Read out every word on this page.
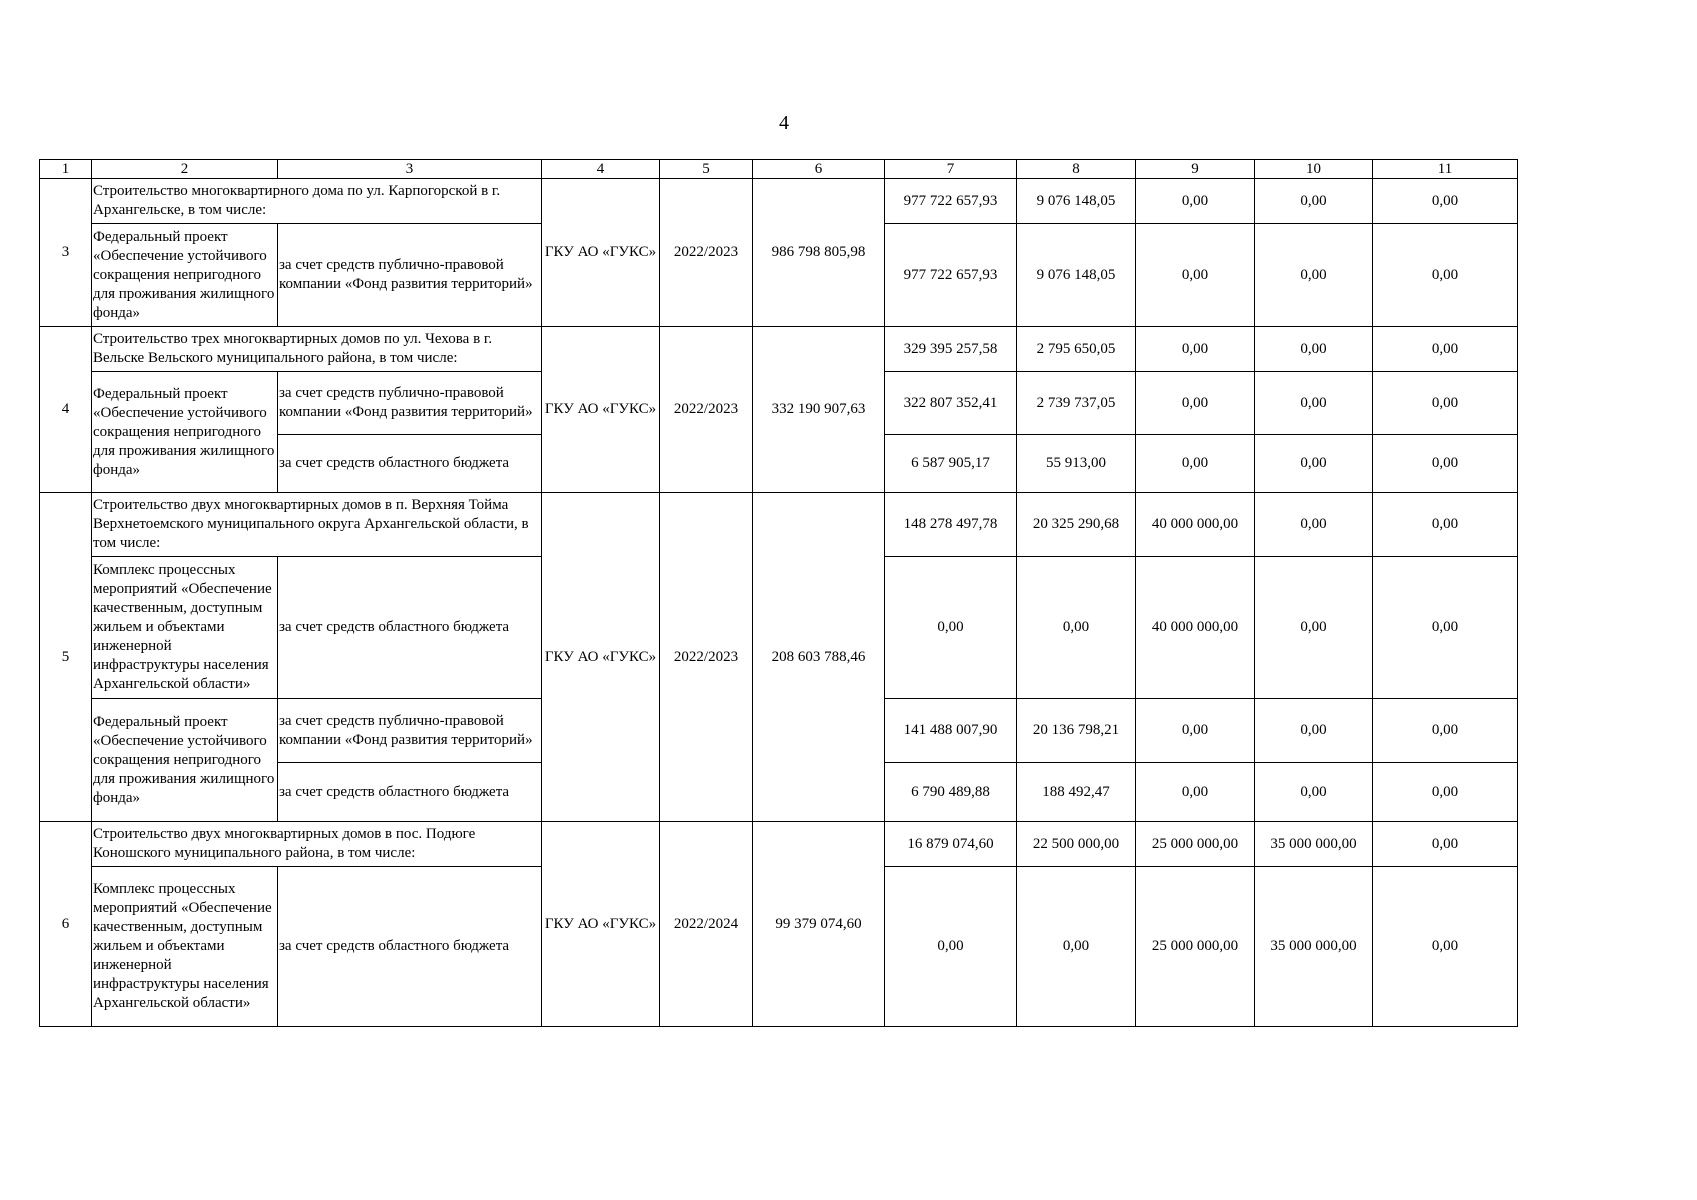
4
1	2	3	4	5	6	7	8	9	10	11
3	Строительство многоквартирного дома по ул. Карпогорской в г. Архангельске, в том числе:		ГКУ АО «ГУКС»	2022/2023	986 798 805,98	977 722 657,93	9 076 148,05	0,00	0,00	0,00
	Федеральный проект «Обеспечение устойчивого сокращения непригодного для проживания жилищного фонда»	за счет средств публично-правовой компании «Фонд развития территорий»				977 722 657,93	9 076 148,05	0,00	0,00	0,00
4	Строительство трех многоквартирных домов по ул. Чехова в г. Вельске Вельского муниципального района, в том числе:		ГКУ АО «ГУКС»	2022/2023	332 190 907,63	329 395 257,58	2 795 650,05	0,00	0,00	0,00
	Федеральный проект «Обеспечение устойчивого сокращения непригодного для проживания жилищного фонда»	за счет средств публично-правовой компании «Фонд развития территорий»				322 807 352,41	2 739 737,05	0,00	0,00	0,00
		за счет средств областного бюджета				6 587 905,17	55 913,00	0,00	0,00	0,00
5	Строительство двух многоквартирных домов в п. Верхняя Тойма Верхнетоемского муниципального округа Архангельской области, в том числе:		ГКУ АО «ГУКС»	2022/2023	208 603 788,46	148 278 497,78	20 325 290,68	40 000 000,00	0,00	0,00
	Комплекс процессных мероприятий «Обеспечение качественным, доступным жильем и объектами инженерной инфраструктуры населения Архангельской области»	за счет средств областного бюджета				0,00	0,00	40 000 000,00	0,00	0,00
	Федеральный проект «Обеспечение устойчивого сокращения непригодного для проживания жилищного фонда»	за счет средств публично-правовой компании «Фонд развития территорий»				141 488 007,90	20 136 798,21	0,00	0,00	0,00
		за счет средств областного бюджета				6 790 489,88	188 492,47	0,00	0,00	0,00
6	Строительство двух многоквартирных домов в пос. Подюге Коношского муниципального района, в том числе:		ГКУ АО «ГУКС»	2022/2024	99 379 074,60	16 879 074,60	22 500 000,00	25 000 000,00	35 000 000,00	0,00
	Комплекс процессных мероприятий «Обеспечение качественным, доступным жильем и объектами инженерной инфраструктуры населения Архангельской области»	за счет средств областного бюджета				0,00	0,00	25 000 000,00	35 000 000,00	0,00
